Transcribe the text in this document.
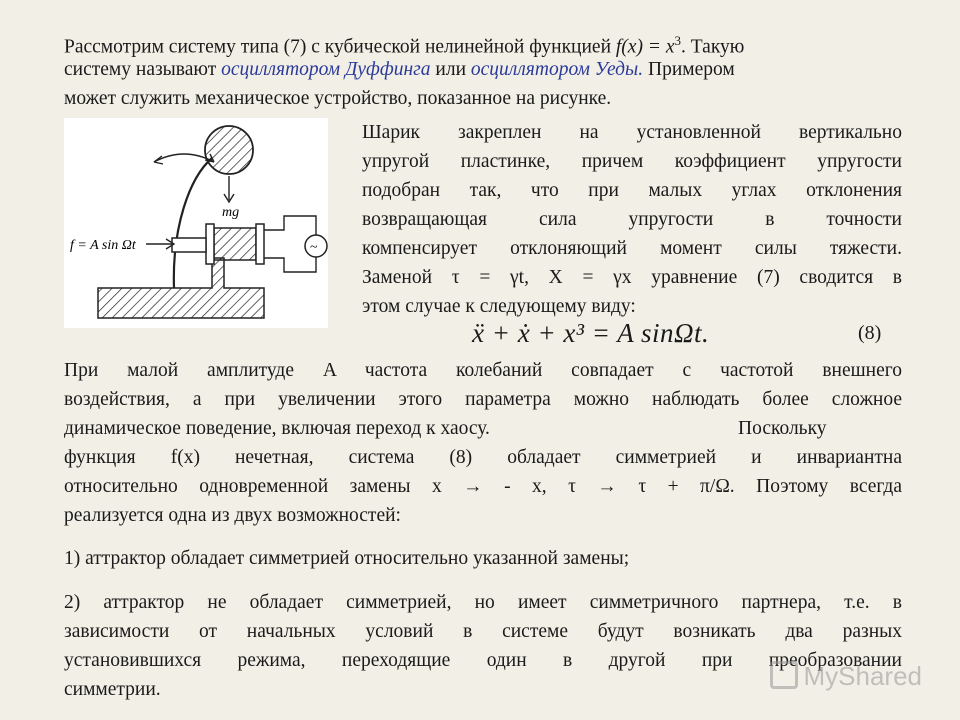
Рассмотрим систему типа (7) с кубической нелинейной функцией $f(x) = x^3$. Такую
систему называют осциллятором Дуффинга или осциллятором Уеды. Примером
может служить механическое устройство, показанное на рисунке.
~
mg
f = A sin Ωt
Шарик закреплен на установленной вертикально
упругой пластинке, причем коэффициент упругости
подобран так, что при малых углах отклонения
возвращающая сила упругости в точности
компенсирует отклоняющий момент силы тяжести.
Заменой τ = γt, X = γx уравнение (7) сводится в
этом случае к следующему виду:
ẍ + ẋ + x³ = A sinΩt.	(8)
При малой амплитуде A частота колебаний совпадает с частотой внешнего
воздействия, а при увеличении этого параметра можно наблюдать более сложное
динамическое поведение, включая переход к хаосу.	Поскольку
функция f(x) нечетная, система (8) обладает симметрией и инвариантна
относительно одновременной замены x → - x, τ → τ + π/Ω. Поэтому всегда
реализуется одна из двух возможностей:
1) аттрактор обладает симметрией относительно указанной замены;
2) аттрактор не обладает симметрией, но имеет симметричного партнера, т.е. в
зависимости от начальных условий в системе будут возникать два разных
установившихся режима, переходящие один в другой при преобразовании
симметрии.	MyShared
